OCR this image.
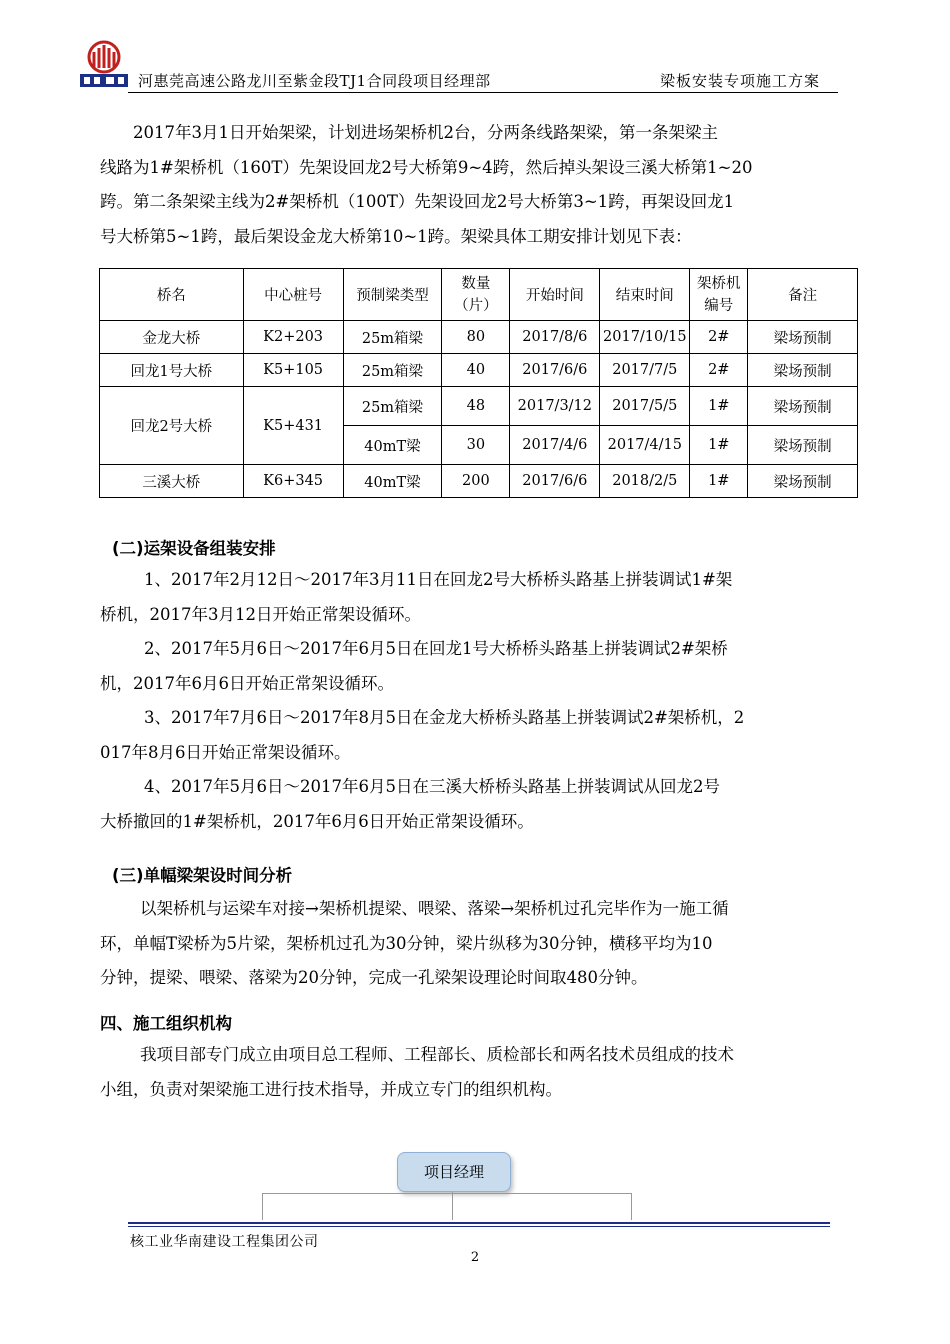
河惠莞高速公路龙川至紫金段TJ1合同段项目经理部	梁板安装专项施工方案

2017年3月1日开始架梁，计划进场架桥机2台，分两条线路架梁，第一条架梁主
线路为1#架桥机（160T）先架设回龙2号大桥第9~4跨，然后掉头架设三溪大桥第1~20
跨。第二条架梁主线为2#架桥机（100T）先架设回龙2号大桥第3~1跨，再架设回龙1
号大桥第5~1跨，最后架设金龙大桥第10~1跨。架梁具体工期安排计划见下表：

桥名	中心桩号	预制梁类型	数量（片）	开始时间	结束时间	架桥机编号	备注
金龙大桥	K2+203	25m箱梁	80	2017/8/6	2017/10/15	2#	梁场预制
回龙1号大桥	K5+105	25m箱梁	40	2017/6/6	2017/7/5	2#	梁场预制
回龙2号大桥	K5+431	25m箱梁	48	2017/3/12	2017/5/5	1#	梁场预制
		40mT梁	30	2017/4/6	2017/4/15	1#	梁场预制
三溪大桥	K6+345	40mT梁	200	2017/6/6	2018/2/5	1#	梁场预制
(二)运架设备组装安排

1、2017年2月12日～2017年3月11日在回龙2号大桥桥头路基上拼装调试1#架
桥机，2017年3月12日开始正常架设循环。
2、2017年5月6日～2017年6月5日在回龙1号大桥桥头路基上拼装调试2#架桥
机，2017年6月6日开始正常架设循环。
3、2017年7月6日～2017年8月5日在金龙大桥桥头路基上拼装调试2#架桥机，2
017年8月6日开始正常架设循环。
4、2017年5月6日～2017年6月5日在三溪大桥桥头路基上拼装调试从回龙2号
大桥撤回的1#架桥机，2017年6月6日开始正常架设循环。

(三)单幅梁架设时间分析

以架桥机与运梁车对接→架桥机提梁、喂梁、落梁→架桥机过孔完毕作为一施工循
环，单幅T梁桥为5片梁，架桥机过孔为30分钟，梁片纵移为30分钟，横移平均为10
分钟，提梁、喂梁、落梁为20分钟，完成一孔梁架设理论时间取480分钟。

四、施工组织机构

我项目部专门成立由项目总工程师、工程部长、质检部长和两名技术员组成的技术
小组，负责对架梁施工进行技术指导，并成立专门的组织机构。

项目经理
核工业华南建设工程集团公司
2
